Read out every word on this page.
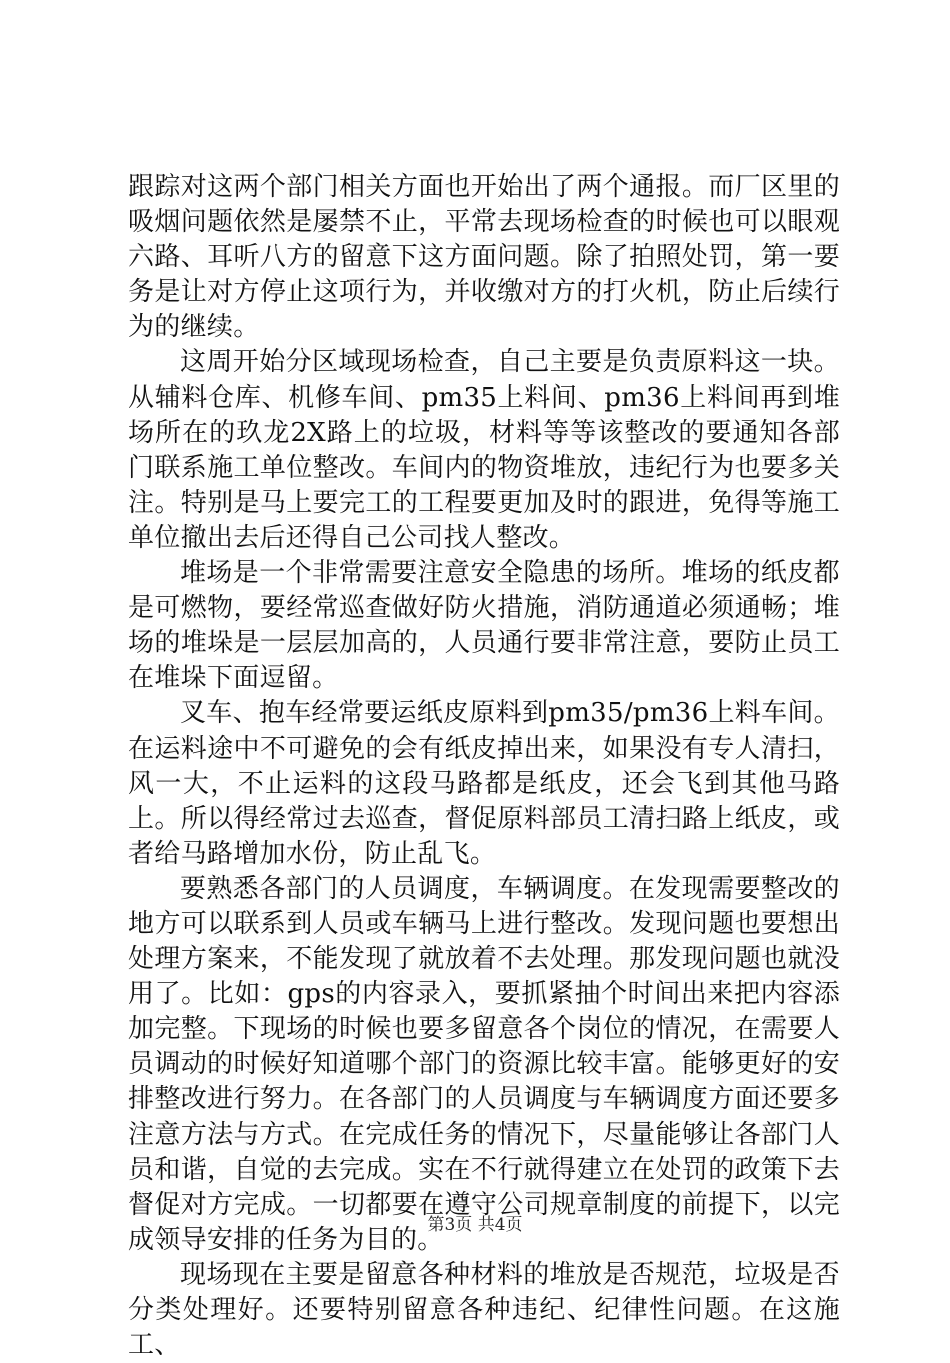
跟踪对这两个部门相关方面也开始出了两个通报。而厂区里的吸烟问题依然是屡禁不止，平常去现场检查的时候也可以眼观六路、耳听八方的留意下这方面问题。除了拍照处罚，第一要务是让对方停止这项行为，并收缴对方的打火机，防止后续行为的继续。

这周开始分区域现场检查，自己主要是负责原料这一块。从辅料仓库、机修车间、pm35上料间、pm36上料间再到堆场所在的玖龙2X路上的垃圾，材料等等该整改的要通知各部门联系施工单位整改。车间内的物资堆放，违纪行为也要多关注。特别是马上要完工的工程要更加及时的跟进，免得等施工单位撤出去后还得自己公司找人整改。

堆场是一个非常需要注意安全隐患的场所。堆场的纸皮都是可燃物，要经常巡查做好防火措施，消防通道必须通畅；堆场的堆垛是一层层加高的，人员通行要非常注意，要防止员工在堆垛下面逗留。

叉车、抱车经常要运纸皮原料到pm35/pm36上料车间。在运料途中不可避免的会有纸皮掉出来，如果没有专人清扫，风一大，不止运料的这段马路都是纸皮，还会飞到其他马路上。所以得经常过去巡查，督促原料部员工清扫路上纸皮，或者给马路增加水份，防止乱飞。

要熟悉各部门的人员调度，车辆调度。在发现需要整改的地方可以联系到人员或车辆马上进行整改。发现问题也要想出处理方案来，不能发现了就放着不去处理。那发现问题也就没用了。比如：gps的内容录入，要抓紧抽个时间出来把内容添加完整。下现场的时候也要多留意各个岗位的情况，在需要人员调动的时候好知道哪个部门的资源比较丰富。能够更好的安排整改进行努力。在各部门的人员调度与车辆调度方面还要多注意方法与方式。在完成任务的情况下，尽量能够让各部门人员和谐，自觉的去完成。实在不行就得建立在处罚的政策下去督促对方完成。一切都要在遵守公司规章制度的前提下，以完成领导安排的任务为目的。

现场现在主要是留意各种材料的堆放是否规范，垃圾是否分类处理好。还要特别留意各种违纪、纪律性问题。在这施工、

第3页 共4页
